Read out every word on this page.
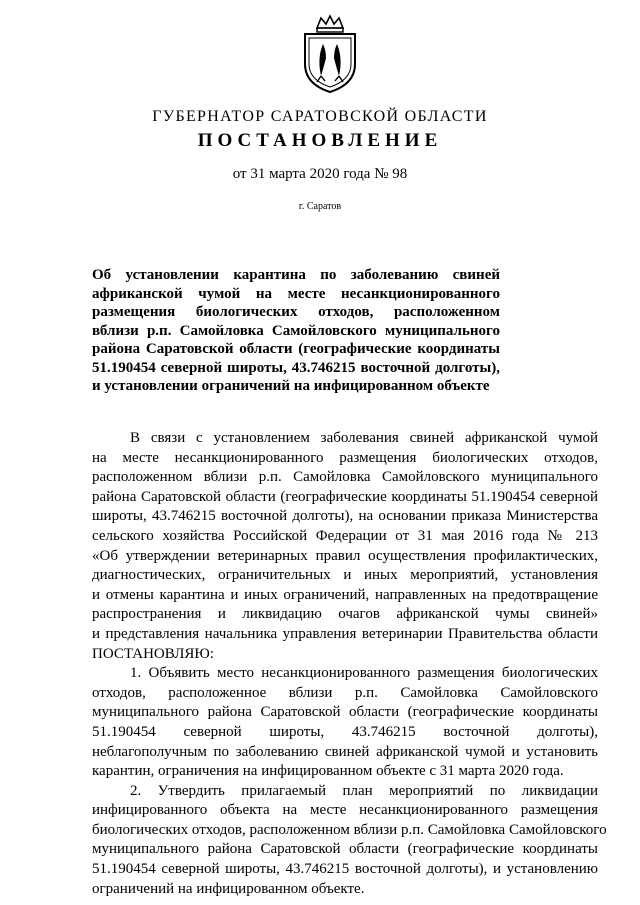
ГУБЕРНАТОР САРАТОВСКОЙ ОБЛАСТИ
ПОСТАНОВЛЕНИЕ
от 31 марта 2020 года № 98
г. Саратов
Об установлении карантина по заболеванию свиней
африканской чумой на месте несанкционированного
размещения биологических отходов, расположенном
вблизи р.п. Самойловка Самойловского муниципального
района Саратовской области (географические координаты
51.190454 северной широты, 43.746215 восточной долготы),
и установлении ограничений на инфицированном объекте
В связи с установлением заболевания свиней африканской чумой
на месте несанкционированного размещения биологических отходов,
расположенном вблизи р.п. Самойловка Самойловского муниципального
района Саратовской области (географические координаты 51.190454 северной
широты, 43.746215 восточной долготы), на основании приказа Министерства
сельского хозяйства Российской Федерации от 31 мая 2016 года № 213
«Об утверждении ветеринарных правил осуществления профилактических,
диагностических, ограничительных и иных мероприятий, установления
и отмены карантина и иных ограничений, направленных на предотвращение
распространения и ликвидацию очагов африканской чумы свиней»
и представления начальника управления ветеринарии Правительства области
ПОСТАНОВЛЯЮ:
1. Объявить место несанкционированного размещения биологических
отходов, расположенное вблизи р.п. Самойловка Самойловского
муниципального района Саратовской области (географические координаты
51.190454 северной широты, 43.746215 восточной долготы),
неблагополучным по заболеванию свиней африканской чумой и установить
карантин, ограничения на инфицированном объекте с 31 марта 2020 года.
2. Утвердить прилагаемый план мероприятий по ликвидации
инфицированного объекта на месте несанкционированного размещения
биологических отходов, расположенном вблизи р.п. Самойловка Самойловского
муниципального района Саратовской области (географические координаты
51.190454 северной широты, 43.746215 восточной долготы), и установлению
ограничений на инфицированном объекте.
